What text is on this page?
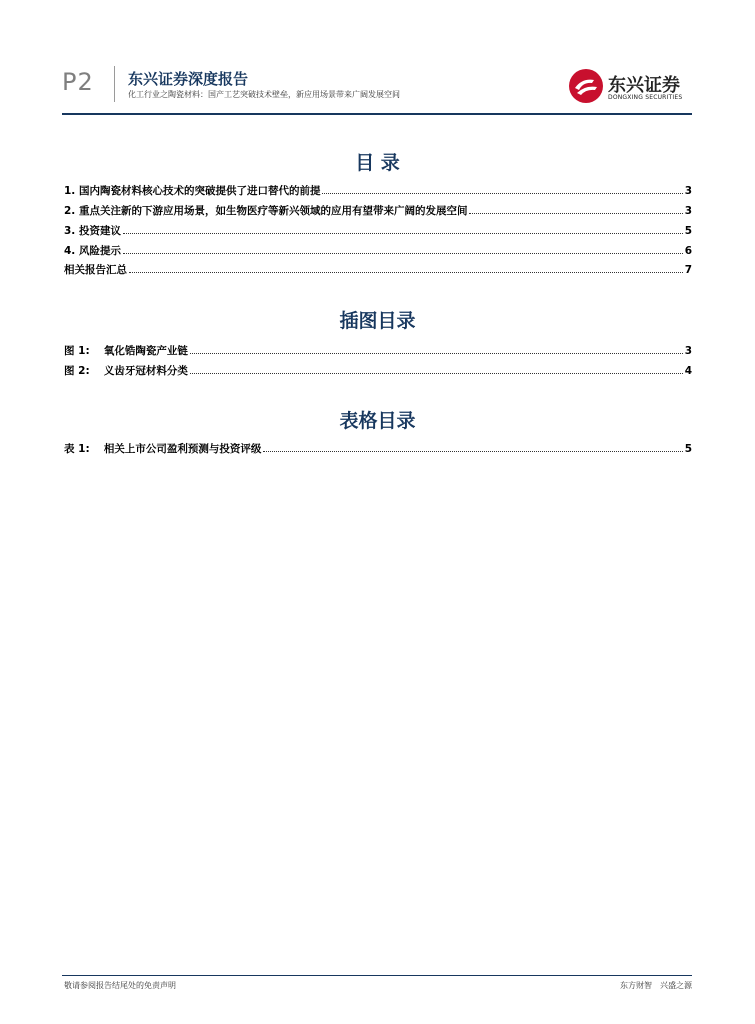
P2 东兴证券深度报告
化工行业之陶瓷材料：国产工艺突破技术壁垒，新应用场景带来广阔发展空间	东兴证券
DONGXING SECURITIES
目 录
1. 国内陶瓷材料核心技术的突破提供了进口替代的前提	3
2. 重点关注新的下游应用场景，如生物医疗等新兴领域的应用有望带来广阔的发展空间	3
3. 投资建议	5
4. 风险提示	6
相关报告汇总	7
插图目录
图 1:　 氧化锆陶瓷产业链	3
图 2:　 义齿牙冠材料分类	4
表格目录
表 1:　 相关上市公司盈利预测与投资评级	5
敬请参阅报告结尾处的免责声明	东方财智　兴盛之源
